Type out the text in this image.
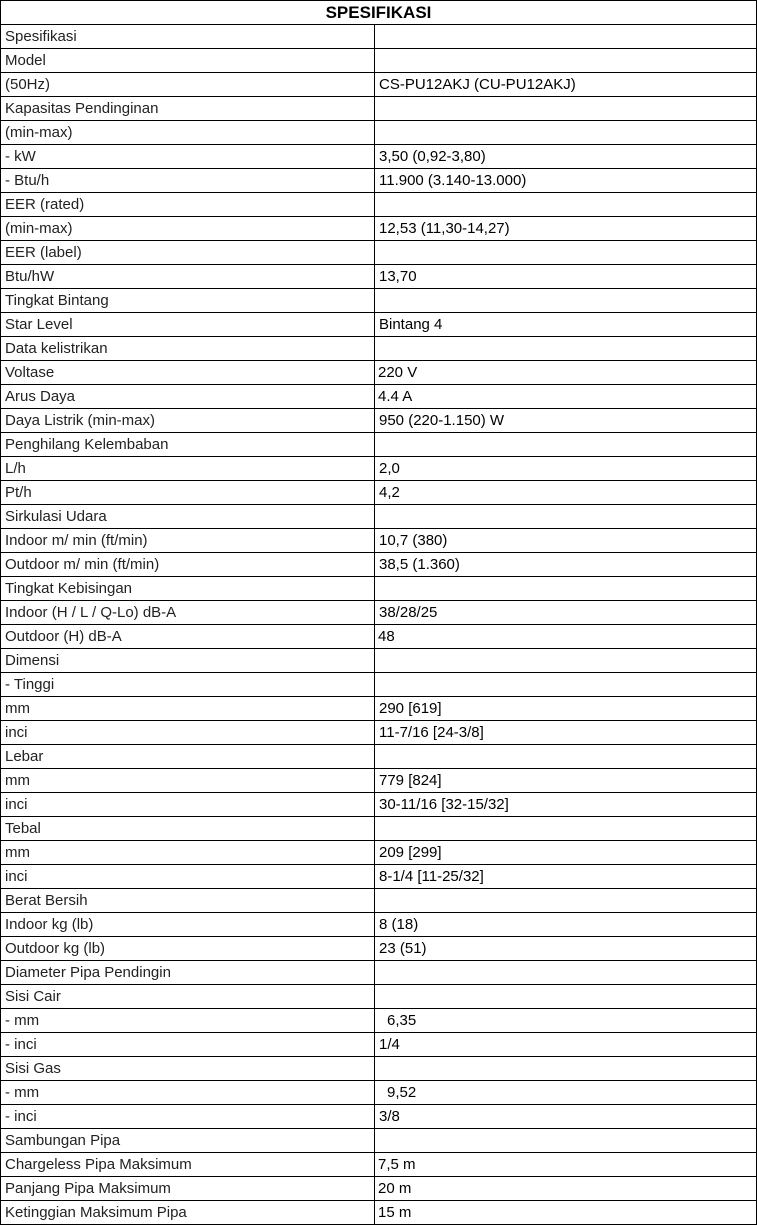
SPESIFIKASI	
Spesifikasi	
Model	
(50Hz)	CS-PU12AKJ (CU-PU12AKJ)
Kapasitas Pendinginan	
(min-max)	
- kW	3,50 (0,92-3,80)
- Btu/h	11.900 (3.140-13.000)
EER (rated)	
(min-max)	12,53 (11,30-14,27)
EER (label)	
Btu/hW	13,70
Tingkat Bintang	
Star Level	Bintang 4
Data kelistrikan	
Voltase	220 V
Arus Daya	4.4 A
Daya Listrik (min-max)	950 (220-1.150) W
Penghilang Kelembaban	
L/h	2,0
Pt/h	4,2
Sirkulasi Udara	
Indoor m/ min (ft/min)	10,7 (380)
Outdoor m/ min (ft/min)	38,5 (1.360)
Tingkat Kebisingan	
Indoor (H / L / Q-Lo) dB-A	38/28/25
Outdoor (H) dB-A	48
Dimensi	
- Tinggi	
mm	290 [619]
inci	11-7/16 [24-3/8]
Lebar	
mm	779 [824]
inci	30-11/16 [32-15/32]
Tebal	
mm	209 [299]
inci	8-1/4 [11-25/32]
Berat Bersih	
Indoor kg (lb)	8 (18)
Outdoor kg (lb)	23 (51)
Diameter Pipa Pendingin	
Sisi Cair	
- mm	6,35
- inci	1/4
Sisi Gas	
- mm	9,52
- inci	3/8
Sambungan Pipa	
Chargeless Pipa Maksimum	7,5 m
Panjang Pipa Maksimum	20 m
Ketinggian Maksimum Pipa	15 m
